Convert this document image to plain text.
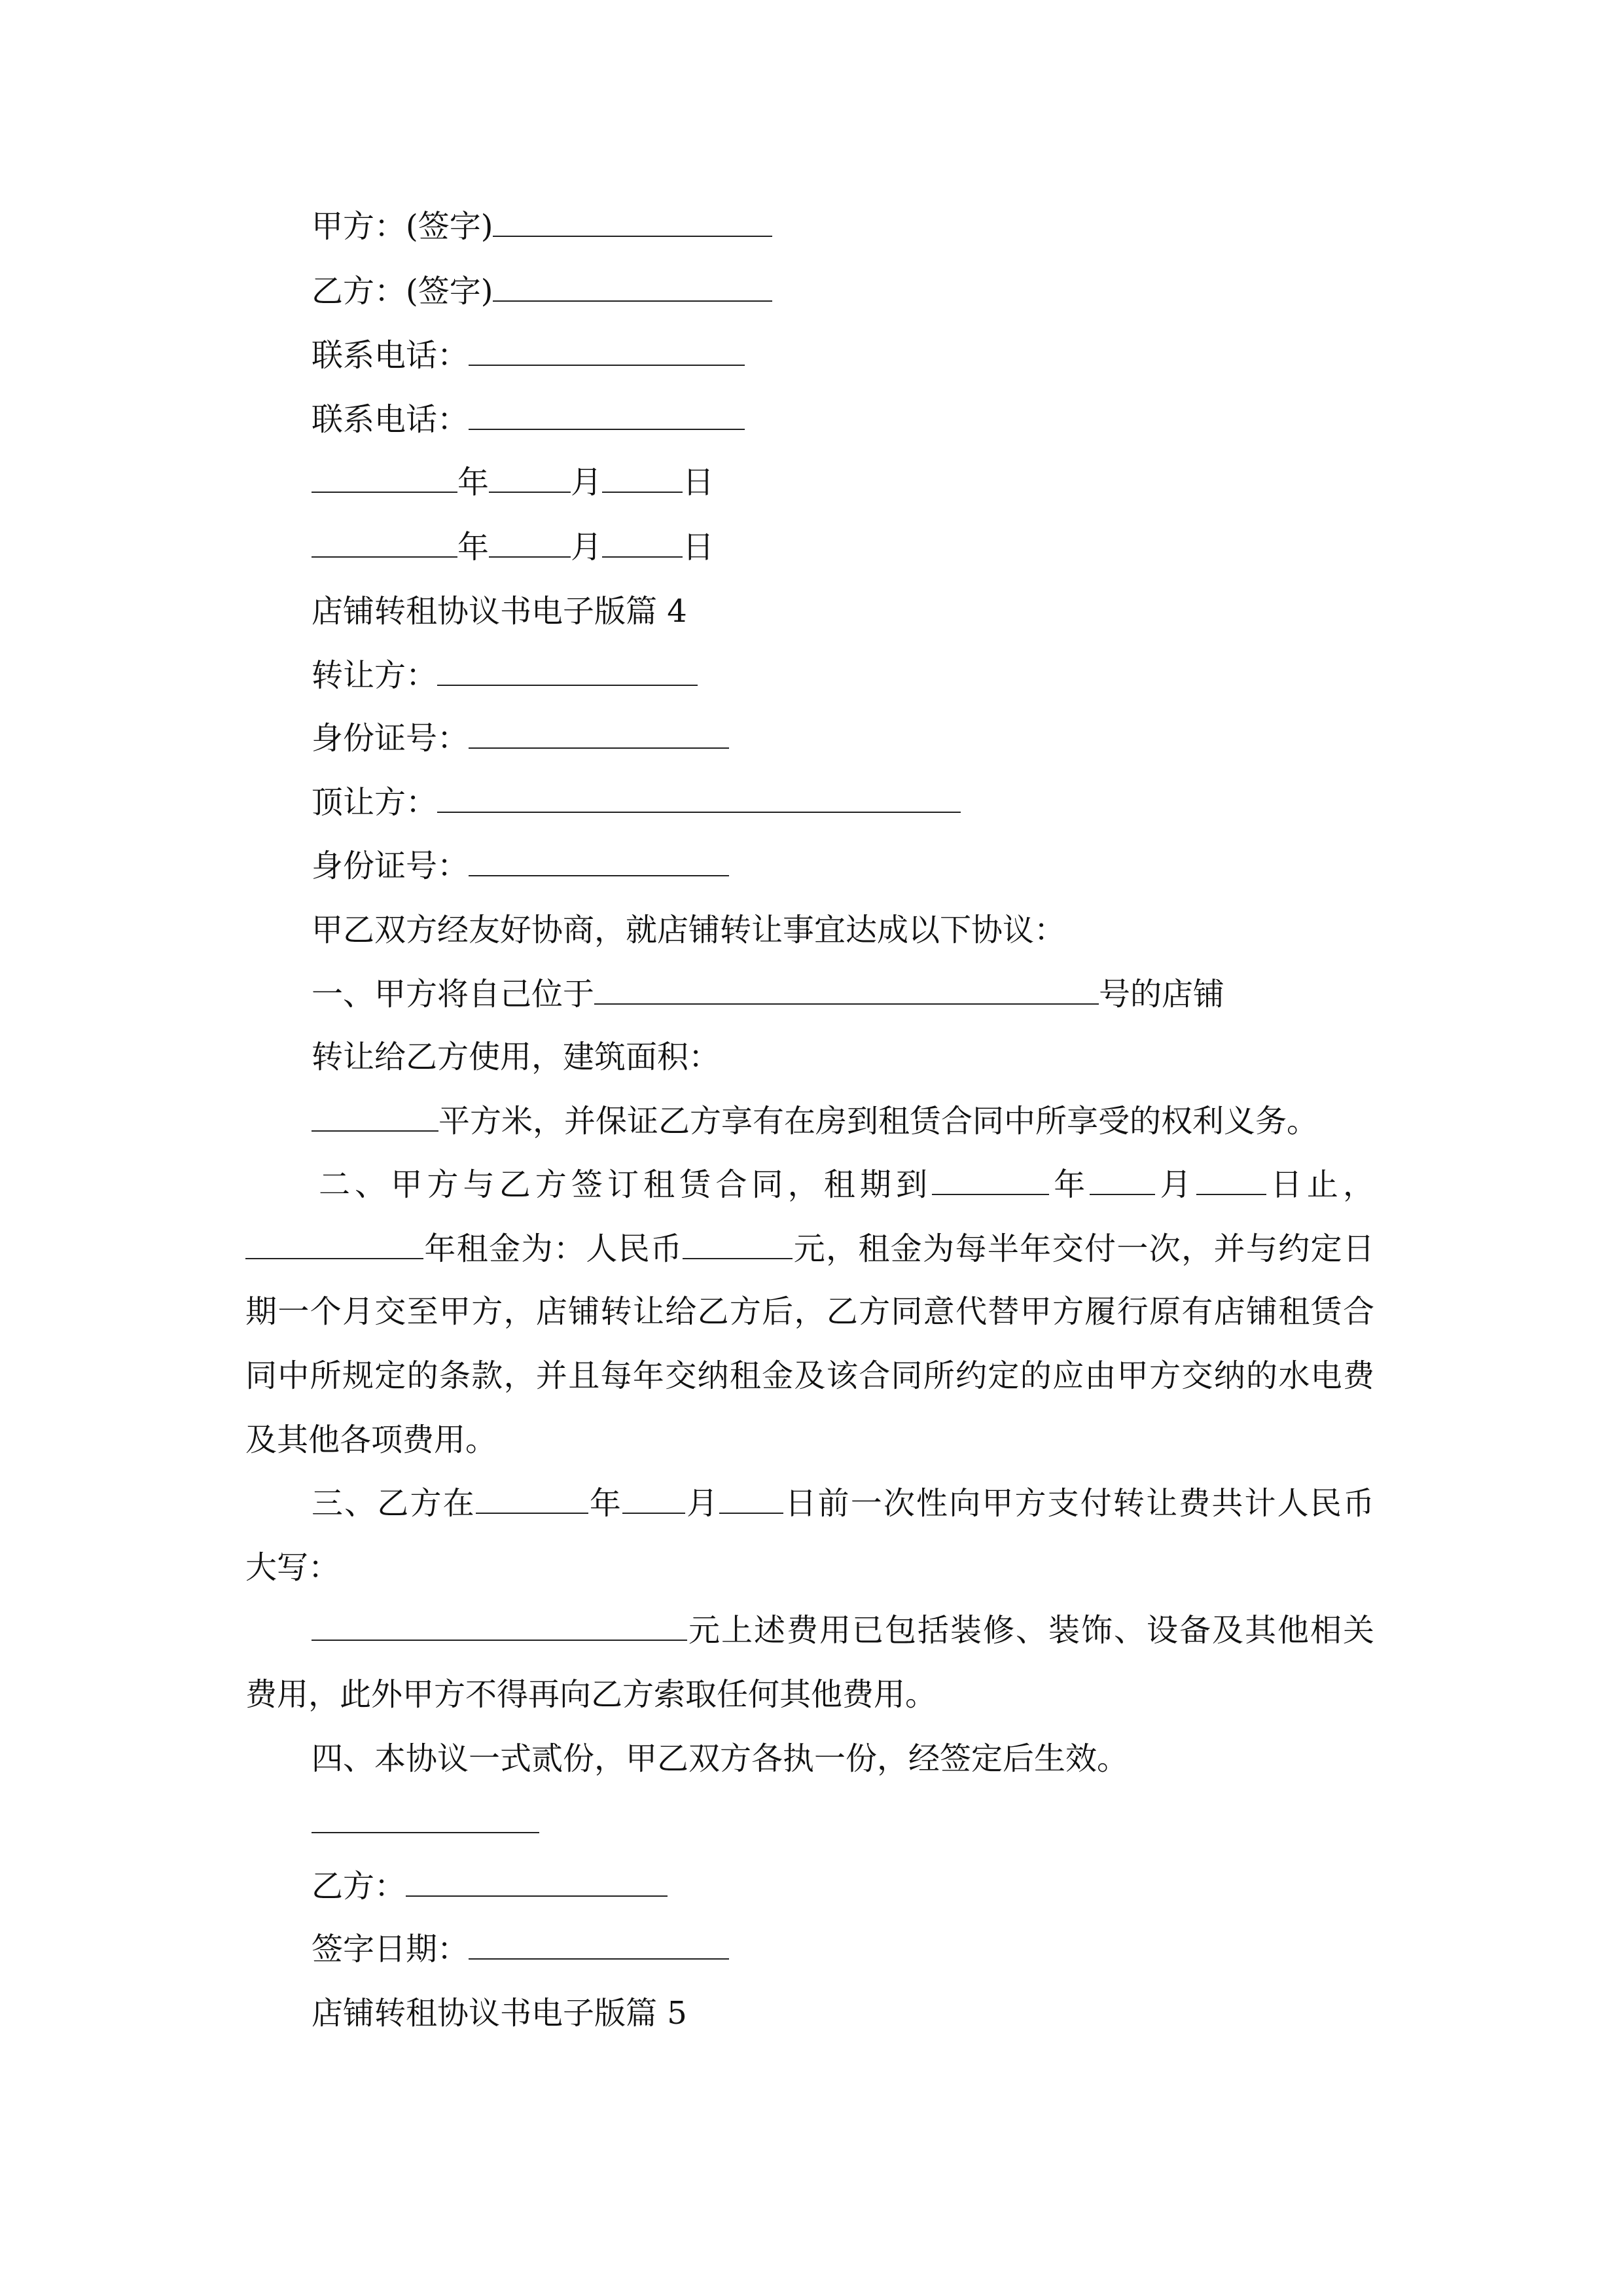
甲方：(签字)
乙方：(签字)
联系电话：
联系电话：
年	月	日
年	月	日
店铺转租协议书电子版篇 4
转让方：
身份证号：
顶让方：
身份证号：
甲乙双方经友好协商，就店铺转让事宜达成以下协议：
一、甲方将自己位于	号的店铺
转让给乙方使用，建筑面积：
平方米，并保证乙方享有在房到租赁合同中所享受的权利义务。
二、甲方与乙方签订租赁合同，租期到	年 月 日止，
年租金为：人民币	元，租金为每半年交付一次，并与约定日
期一个月交至甲方，店铺转让给乙方后，乙方同意代替甲方履行原有店铺租赁合
同中所规定的条款，并且每年交纳租金及该合同所约定的应由甲方交纳的水电费
及其他各项费用。
三、乙方在	年 月 日前一次性向甲方支付转让费共计人民币
大写：
元上述费用已包括装修、装饰、设备及其他相关
费用，此外甲方不得再向乙方索取任何其他费用。
四、本协议一式贰份，甲乙双方各执一份，经签定后生效。
乙方：
签字日期：
店铺转租协议书电子版篇 5
